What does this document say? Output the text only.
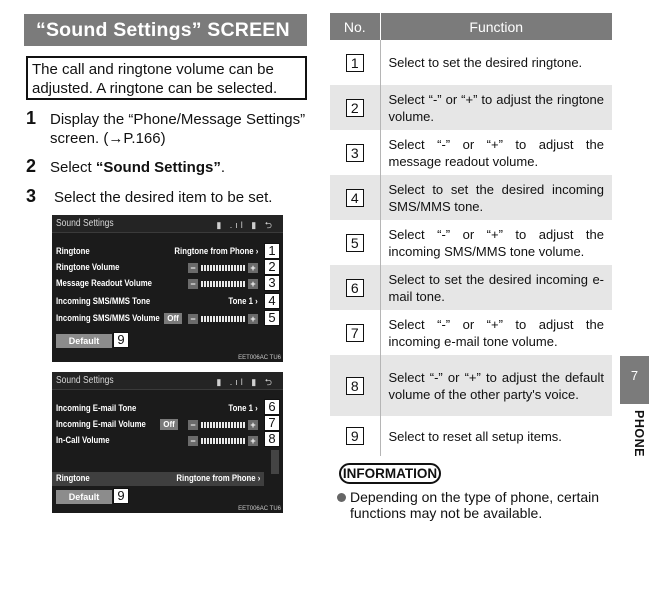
“Sound Settings” SCREEN
The call and ringtone volume can be adjusted. A ringtone can be selected.
1 Display the “Phone/Message Settings” screen. (→P.166)
2 Select “Sound Settings”.
3 Select the desired item to be set.
Sound Settings	▮ .ıl ▮ ⮌
Ringtone	Ringtone from Phone › 1
Ringtone Volume	−	+ 2
Message Readout Volume	−	+ 3
Incoming SMS/MMS Tone	Tone 1 › 4
Incoming SMS/MMS Volume Off	−	+ 5
Default	9
EET006AC TU6
Sound Settings	▮ .ıl ▮ ⮌
Incoming E-mail Tone	Tone 1 › 6
Incoming E-mail Volume	Off	−	+ 7
In-Call Volume	−	+ 8
Ringtone	Ringtone from Phone ›
Default	9
EET006AC TU6
No.	Function
1	Select to set the desired ringtone.
2	Select “-” or “+” to adjust the ringtone volume.
3	Select “-” or “+” to adjust the message readout volume.
4	Select to set the desired incoming SMS/MMS tone.
5	Select “-” or “+” to adjust the incoming SMS/MMS tone volume.
6	Select to set the desired incoming e-mail tone.
7	Select “-” or “+” to adjust the incoming e-mail tone volume.
8	Select “-” or “+” to adjust the default volume of the other party's voice.
9	Select to reset all setup items.
INFORMATION
Depending on the type of phone, certain functions may not be available.
7
PHONE
